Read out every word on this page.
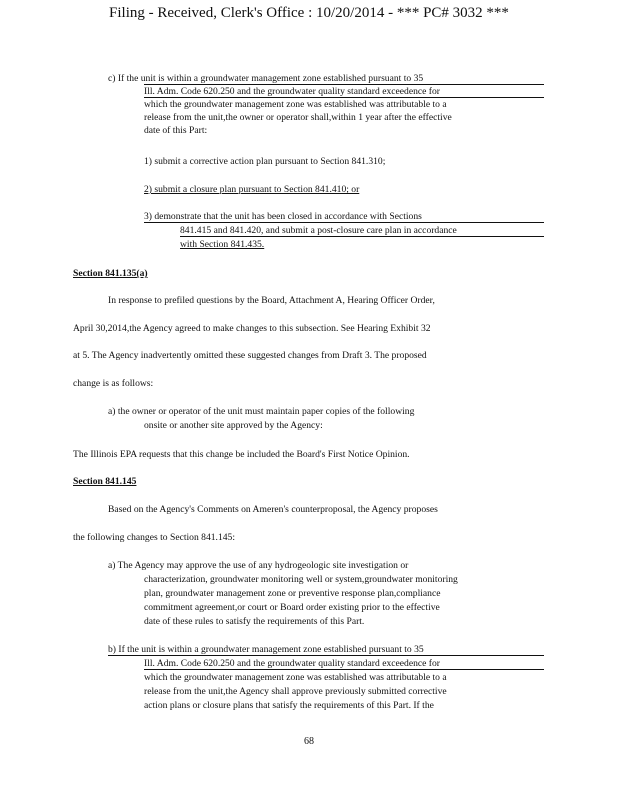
Filing - Received, Clerk's Office : 10/20/2014 - *** PC# 3032 ***
c) If the unit is within a groundwater management zone established pursuant to 35
Ill. Adm. Code 620.250 and the groundwater quality standard exceedence for
which the groundwater management zone was established was attributable to a
release from the unit,the owner or operator shall,within 1 year after the effective
date of this Part:
1) submit a corrective action plan pursuant to Section 841.310;
2) submit a closure plan pursuant to Section 841.410; or
3) demonstrate that the unit has been closed in accordance with Sections
841.415 and 841.420, and submit a post-closure care plan in accordance
with Section 841.435.
Section 841.135(a)
In response to prefiled questions by the Board, Attachment A, Hearing Officer Order,
April 30,2014,the Agency agreed to make changes to this subsection. See Hearing Exhibit 32
at 5. The Agency inadvertently omitted these suggested changes from Draft 3. The proposed
change is as follows:
a) the owner or operator of the unit must maintain paper copies of the following
onsite or another site approved by the Agency:
The Illinois EPA requests that this change be included the Board's First Notice Opinion.
Section 841.145
Based on the Agency's Comments on Ameren's counterproposal, the Agency proposes
the following changes to Section 841.145:
a) The Agency may approve the use of any hydrogeologic site investigation or
characterization, groundwater monitoring well or system,groundwater monitoring
plan, groundwater management zone or preventive response plan,compliance
commitment agreement,or court or Board order existing prior to the effective
date of these rules to satisfy the requirements of this Part.
b) If the unit is within a groundwater management zone established pursuant to 35
Ill. Adm. Code 620.250 and the groundwater quality standard exceedence for
which the groundwater management zone was established was attributable to a
release from the unit,the Agency shall approve previously submitted corrective
action plans or closure plans that satisfy the requirements of this Part. If the
68
